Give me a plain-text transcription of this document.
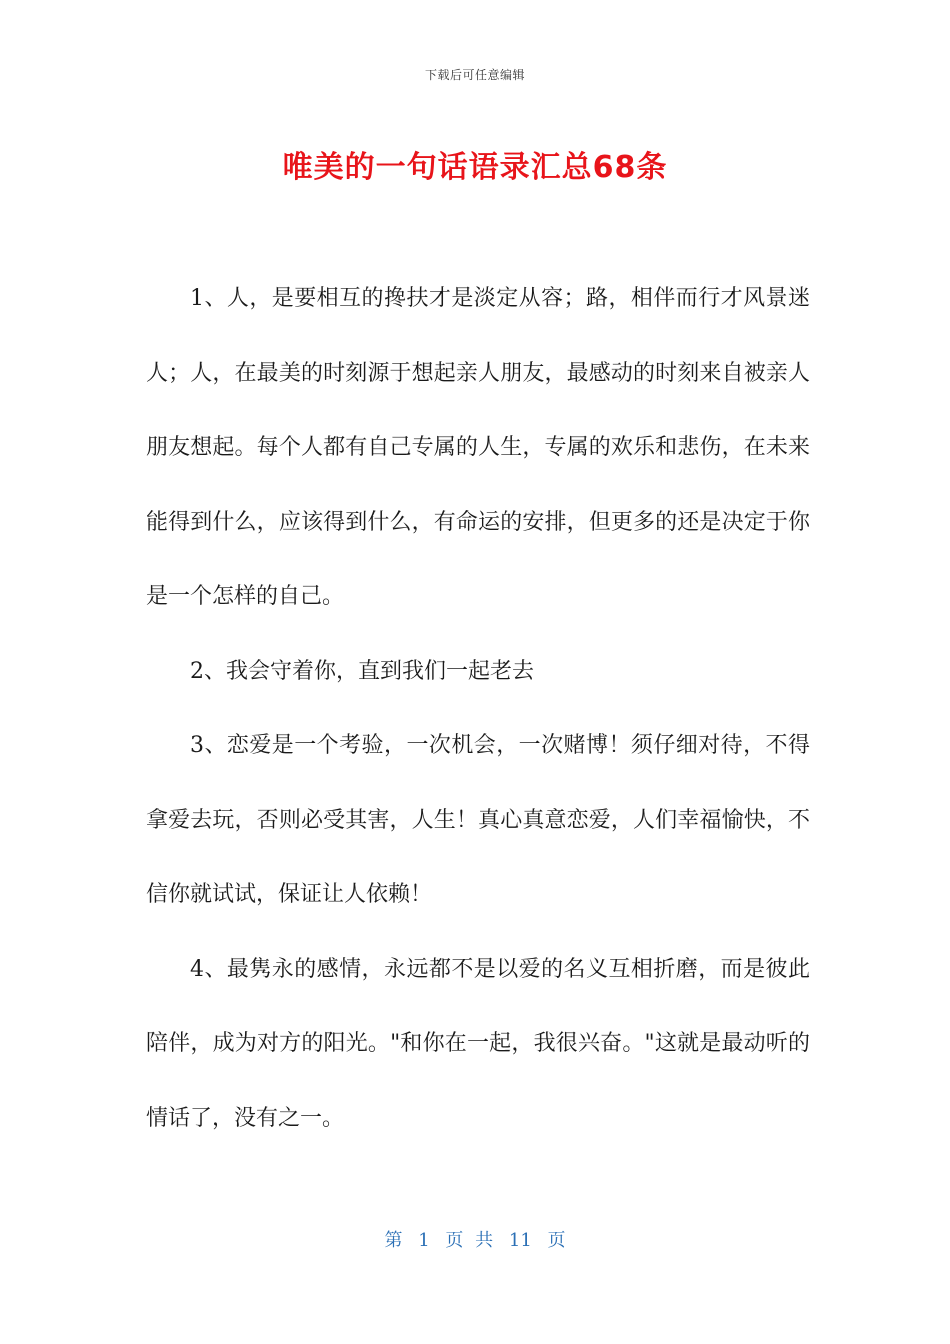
下载后可任意编辑
唯美的一句话语录汇总68条

1、人，是要相互的搀扶才是淡定从容；路，相伴而行才风景迷人；人，在最美的时刻源于想起亲人朋友，最感动的时刻来自被亲人朋友想起。每个人都有自己专属的人生，专属的欢乐和悲伤，在未来能得到什么，应该得到什么，有命运的安排，但更多的还是决定于你是一个怎样的自己。

2、我会守着你，直到我们一起老去

3、恋爱是一个考验，一次机会，一次赌博！须仔细对待，不得拿爱去玩，否则必受其害，人生！真心真意恋爱，人们幸福愉快，不信你就试试，保证让人依赖！

4、最隽永的感情，永远都不是以爱的名义互相折磨，而是彼此陪伴，成为对方的阳光。"和你在一起，我很兴奋。"这就是最动听的情话了，没有之一。

第 1 页 共 11 页
